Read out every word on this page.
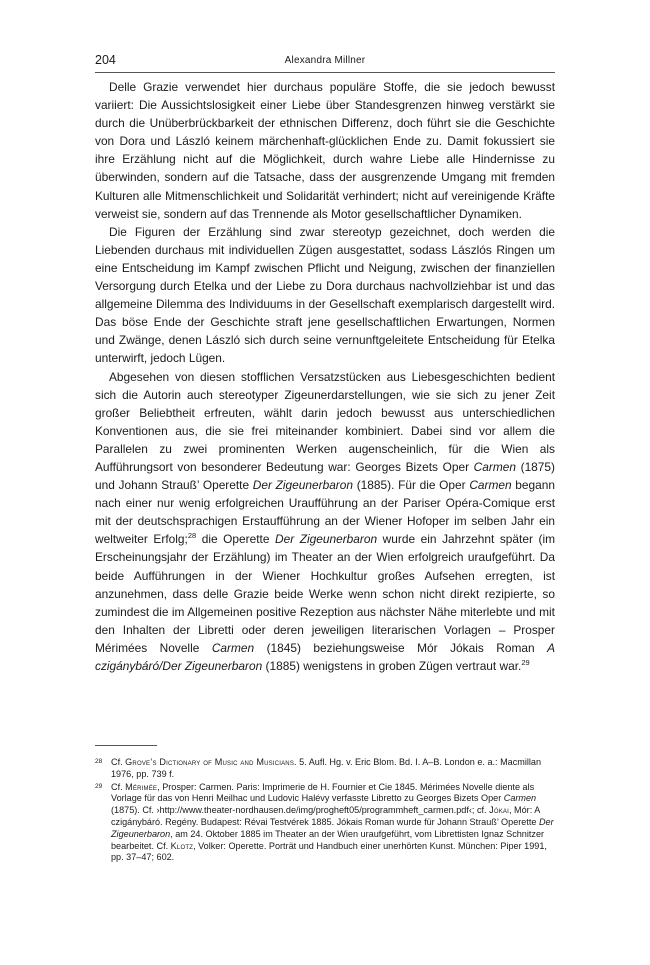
204	Alexandra Millner

Delle Grazie verwendet hier durchaus populäre Stoffe, die sie jedoch bewusst variiert: Die Aussichtslosigkeit einer Liebe über Standesgrenzen hinweg verstärkt sie durch die Unüberbrückbarkeit der ethnischen Differenz, doch führt sie die Geschichte von Dora und László keinem märchenhaft-glücklichen Ende zu. Damit fokussiert sie ihre Erzählung nicht auf die Möglichkeit, durch wahre Liebe alle Hindernisse zu überwinden, sondern auf die Tatsache, dass der ausgrenzende Umgang mit fremden Kulturen alle Mitmenschlichkeit und Solidarität verhindert; nicht auf vereinigende Kräfte verweist sie, sondern auf das Trennende als Motor gesellschaftlicher Dynamiken.

Die Figuren der Erzählung sind zwar stereotyp gezeichnet, doch werden die Liebenden durchaus mit individuellen Zügen ausgestattet, sodass Lászlós Ringen um eine Entscheidung im Kampf zwischen Pflicht und Neigung, zwischen der finanziellen Versorgung durch Etelka und der Liebe zu Dora durchaus nachvollziehbar ist und das allgemeine Dilemma des Individuums in der Gesellschaft exemplarisch dargestellt wird. Das böse Ende der Geschichte straft jene gesellschaftlichen Erwartungen, Normen und Zwänge, denen László sich durch seine vernunftgeleitete Entscheidung für Etelka unterwirft, jedoch Lügen.

Abgesehen von diesen stofflichen Versatzstücken aus Liebesgeschichten bedient sich die Autorin auch stereotyper Zigeunerdarstellungen, wie sie sich zu jener Zeit großer Beliebtheit erfreuten, wählt darin jedoch bewusst aus unterschiedlichen Konventionen aus, die sie frei miteinander kombiniert. Dabei sind vor allem die Parallelen zu zwei prominenten Werken augenscheinlich, für die Wien als Aufführungsort von besonderer Bedeutung war: Georges Bizets Oper Carmen (1875) und Johann Strauß’ Operette Der Zigeunerbaron (1885). Für die Oper Carmen begann nach einer nur wenig erfolgreichen Uraufführung an der Pariser Opéra-Comique erst mit der deutschsprachigen Erstaufführung an der Wiener Hofoper im selben Jahr ein weltweiter Erfolg;$^{28}$ die Operette Der Zigeunerbaron wurde ein Jahrzehnt später (im Erscheinungsjahr der Erzählung) im Theater an der Wien erfolgreich uraufgeführt. Da beide Aufführungen in der Wiener Hochkultur großes Aufsehen erregten, ist anzunehmen, dass delle Grazie beide Werke wenn schon nicht direkt rezipierte, so zumindest die im Allgemeinen positive Rezeption aus nächster Nähe miterlebte und mit den Inhalten der Libretti oder deren jeweiligen literarischen Vorlagen – Prosper Mérimées Novelle Carmen (1845) beziehungsweise Mór Jókais Roman A czigánybáró/Der Zigeunerbaron (1885) wenigstens in groben Zügen vertraut war.$^{29}$

28 Cf. Grove’s Dictionary of Music and Musicians. 5. Aufl. Hg. v. Eric Blom. Bd. I. A–B. London e. a.: Macmillan 1976, pp. 739 f.
29 Cf. Mérimée, Prosper: Carmen. Paris: Imprimerie de H. Fournier et Cie 1845. Mérimées Novelle diente als Vorlage für das von Henri Meilhac und Ludovic Halévy verfasste Libretto zu Georges Bizets Oper Carmen (1875). Cf. ›http://www.theater-nordhausen.de/img/progheft05/programmheft_carmen.pdf‹; cf. Jókai, Mór: A czigánybáró. Regény. Budapest: Révai Testvérek 1885. Jókais Roman wurde für Johann Strauß’ Operette Der Zigeunerbaron, am 24. Oktober 1885 im Theater an der Wien uraufgeführt, vom Librettisten Ignaz Schnitzer bearbeitet. Cf. Klotz, Volker: Operette. Porträt und Handbuch einer unerhörten Kunst. München: Piper 1991, pp. 37–47; 602.
